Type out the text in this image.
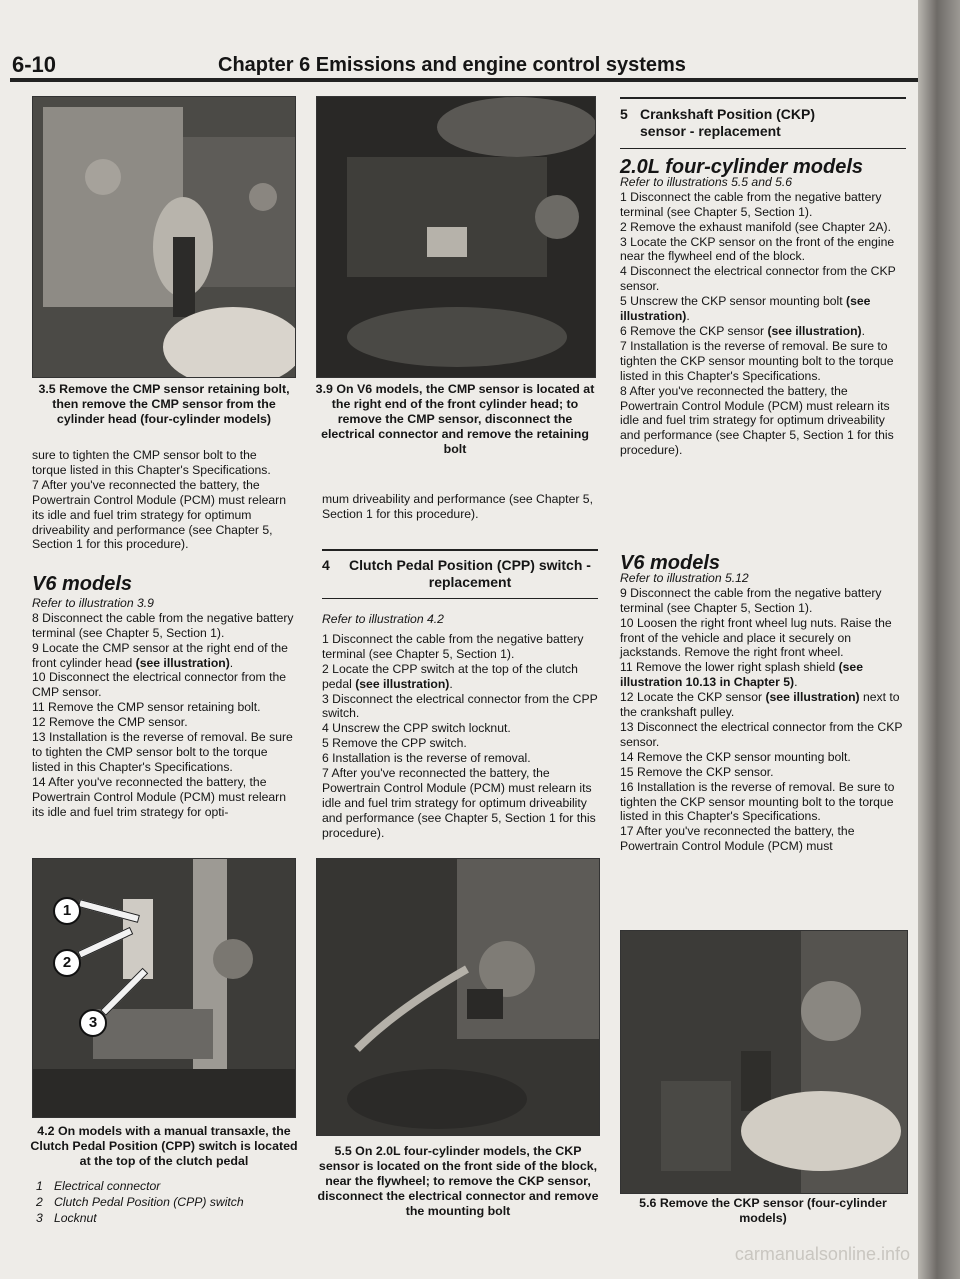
6-10	Chapter 6 Emissions and engine control systems
3.5 Remove the CMP sensor retaining bolt, then remove the CMP sensor from the cylinder head (four-cylinder models)

sure to tighten the CMP sensor bolt to the torque listed in this Chapter's Specifications.

7 After you've reconnected the battery, the Powertrain Control Module (PCM) must relearn its idle and fuel trim strategy for optimum driveability and performance (see Chapter 5, Section 1 for this procedure).

V6 models

Refer to illustration 3.9

8 Disconnect the cable from the negative battery terminal (see Chapter 5, Section 1).

9 Locate the CMP sensor at the right end of the front cylinder head (see illustration).

10 Disconnect the electrical connector from the CMP sensor.

11 Remove the CMP sensor retaining bolt.

12 Remove the CMP sensor.

13 Installation is the reverse of removal. Be sure to tighten the CMP sensor bolt to the torque listed in this Chapter's Specifications.

14 After you've reconnected the battery, the Powertrain Control Module (PCM) must relearn its idle and fuel trim strategy for opti-

1
2
3
4.2 On models with a manual transaxle, the Clutch Pedal Position (CPP) switch is located at the top of the clutch pedal
1 Electrical connector
2 Clutch Pedal Position (CPP) switch
3 Locknut
3.9 On V6 models, the CMP sensor is located at the right end of the front cylinder head; to remove the CMP sensor, disconnect the electrical connector and remove the retaining bolt

mum driveability and performance (see Chapter 5, Section 1 for this procedure).

4	Clutch Pedal Position (CPP) switch - replacement

Refer to illustration 4.2

1 Disconnect the cable from the negative battery terminal (see Chapter 5, Section 1).

2 Locate the CPP switch at the top of the clutch pedal (see illustration).

3 Disconnect the electrical connector from the CPP switch.

4 Unscrew the CPP switch locknut.

5 Remove the CPP switch.

6 Installation is the reverse of removal.

7 After you've reconnected the battery, the Powertrain Control Module (PCM) must relearn its idle and fuel trim strategy for optimum driveability and performance (see Chapter 5, Section 1 for this procedure).

5.5 On 2.0L four-cylinder models, the CKP sensor is located on the front side of the block, near the flywheel; to remove the CKP sensor, disconnect the electrical connector and remove the mounting bolt
5 Crankshaft Position (CKP) sensor - replacement

2.0L four-cylinder models

Refer to illustrations 5.5 and 5.6

1 Disconnect the cable from the negative battery terminal (see Chapter 5, Section 1).

2 Remove the exhaust manifold (see Chapter 2A).

3 Locate the CKP sensor on the front of the engine near the flywheel end of the block.

4 Disconnect the electrical connector from the CKP sensor.

5 Unscrew the CKP sensor mounting bolt (see illustration).

6 Remove the CKP sensor (see illustration).

7 Installation is the reverse of removal. Be sure to tighten the CKP sensor mounting bolt to the torque listed in this Chapter's Specifications.

8 After you've reconnected the battery, the Powertrain Control Module (PCM) must relearn its idle and fuel trim strategy for optimum driveability and performance (see Chapter 5, Section 1 for this procedure).

V6 models

Refer to illustration 5.12

9 Disconnect the cable from the negative battery terminal (see Chapter 5, Section 1).

10 Loosen the right front wheel lug nuts. Raise the front of the vehicle and place it securely on jackstands. Remove the right front wheel.

11 Remove the lower right splash shield (see illustration 10.13 in Chapter 5).

12 Locate the CKP sensor (see illustration) next to the crankshaft pulley.

13 Disconnect the electrical connector from the CKP sensor.

14 Remove the CKP sensor mounting bolt.

15 Remove the CKP sensor.

16 Installation is the reverse of removal. Be sure to tighten the CKP sensor mounting bolt to the torque listed in this Chapter's Specifications.

17 After you've reconnected the battery, the Powertrain Control Module (PCM) must

5.6 Remove the CKP sensor (four-cylinder models)
carmanualsonline.info
